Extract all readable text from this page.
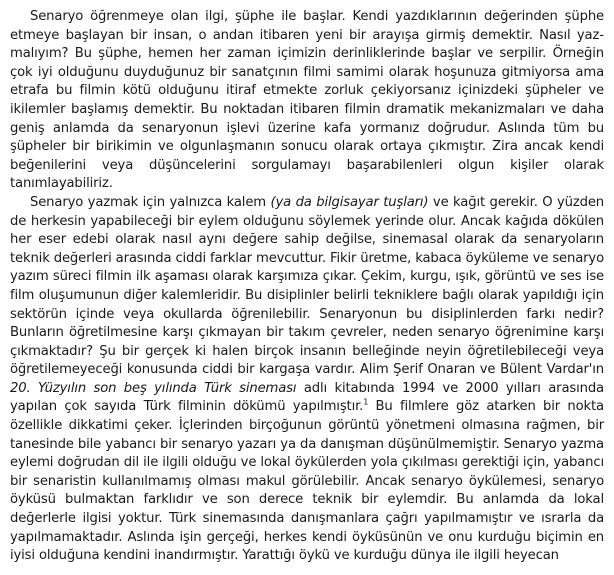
Senaryo öğrenmeye olan ilgi, şüphe ile başlar. Kendi yazdıklarının değerinden şüphe etmeye başlayan bir insan, o andan itibaren yeni bir arayışa girmiş demektir. Nasıl yazmalıyım? Bu şüphe, hemen her zaman içimizin derinliklerinde başlar ve serpilir. Örneğin çok iyi olduğunu duyduğunuz bir sanatçının filmi samimi olarak hoşunuza gitmiyorsa ama etrafa bu filmin kötü olduğunu itiraf etmekte zorluk çekiyorsanız içinizdeki şüpheler ve ikilemler başlamış demektir. Bu noktadan itibaren filmin dramatik mekanizmaları ve daha geniş anlamda da senaryonun işlevi üzerine kafa yormanız doğrudur. Aslında tüm bu şüpheler bir birikimin ve olgunlaşmanın sonucu olarak ortaya çıkmıştır. Zira ancak kendi beğenilerini veya düşüncelerini sorgulamayı başarabilenleri olgun kişiler olarak tanımlayabiliriz.

Senaryo yazmak için yalnızca kalem (ya da bilgisayar tuşları) ve kağıt gerekir. O yüzden de herkesin yapabileceği bir eylem olduğunu söylemek yerinde olur. Ancak kağıda dökülen her eser edebi olarak nasıl aynı değere sahip değilse, sinemasal olarak da senaryoların teknik değerleri arasında ciddi farklar mevcuttur. Fikir üretme, kabaca öyküleme ve senaryo yazım süreci filmin ilk aşaması olarak karşımıza çıkar. Çekim, kurgu, ışık, görüntü ve ses ise film oluşumunun diğer kalemleridir. Bu disiplinler belirli tekniklere bağlı olarak yapıldığı için sektörün içinde veya okullarda öğrenilebilir. Senaryonun bu disiplinlerden farkı nedir? Bunların öğretilmesine karşı çıkmayan bir takım çevreler, neden senaryo öğrenimine karşı çıkmaktadır? Şu bir gerçek ki halen birçok insanın belleğinde neyin öğretilebileceği veya öğretilemeyeceği konusunda ciddi bir kargaşa vardır. Alim Şerif Onaran ve Bülent Vardar'ın 20. Yüzyılın son beş yılında Türk sineması adlı kitabında 1994 ve 2000 yılları arasında yapılan çok sayıda Türk filminin dökümü yapılmıştır.$^1$ Bu filmlere göz atarken bir nokta özellikle dikkatimi çeker. İçlerinden birçoğunun görüntü yönetmeni olmasına rağmen, bir tanesinde bile yabancı bir senaryo yazarı ya da danışman düşünülmemiştir. Senaryo yazma eylemi doğrudan dil ile ilgili olduğu ve lokal öykülerden yola çıkılması gerektiği için, yabancı bir senaristin kullanılmamış olması makul görülebilir. Ancak senaryo öykülemesi, senaryo öyküsü bulmaktan farklıdır ve son derece teknik bir eylemdir. Bu anlamda da lokal değerlerle ilgisi yoktur. Türk sinemasında danışmanlara çağrı yapılmamıştır ve ısrarla da yapılmamaktadır. Aslında işin gerçeği, herkes kendi öyküsünün ve onu kurduğu biçimin en iyisi olduğuna kendini inandırmıştır. Yarattığı öykü ve kurduğu dünya ile ilgili heyecan
